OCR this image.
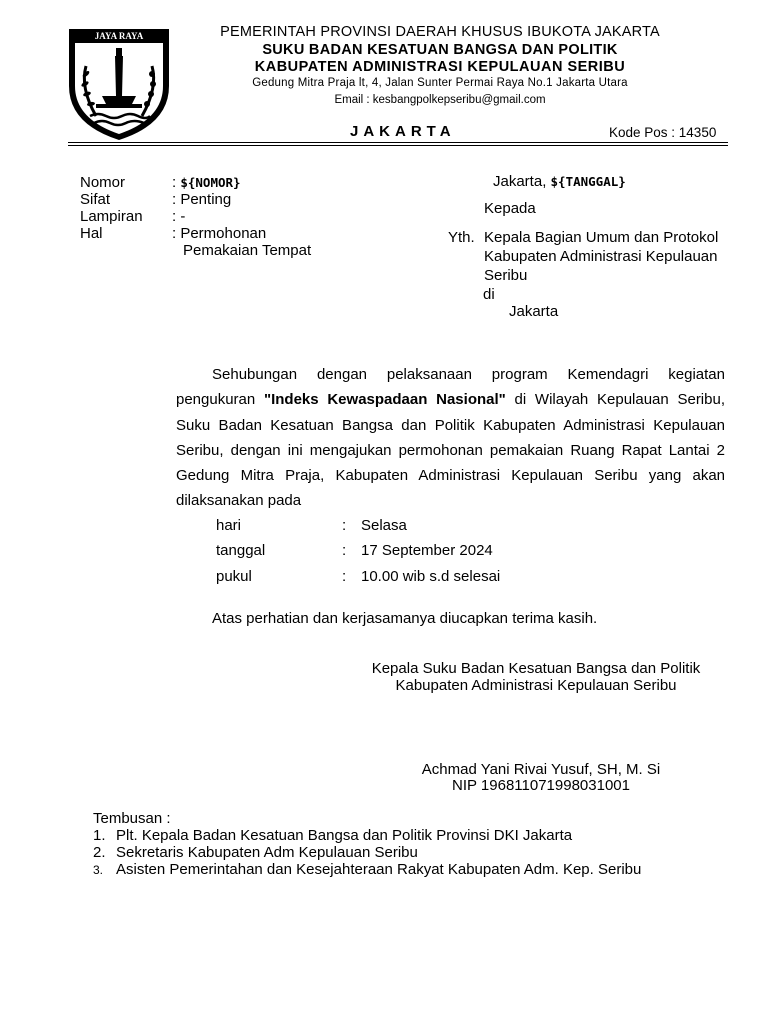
JAYA RAYA	PEMERINTAH PROVINSI DAERAH KHUSUS IBUKOTA JAKARTA
SUKU BADAN KESATUAN BANGSA DAN POLITIK
KABUPATEN ADMINISTRASI KEPULAUAN SERIBU
Gedung Mitra Praja lt, 4, Jalan Sunter Permai Raya No.1 Jakarta Utara
Email : kesbangpolkepseribu@gmail.com
JAKARTA	Kode Pos : 14350
Nomor	: ${NOMOR}
Sifat	: Penting
Lampiran : -
Hal	: Permohonan
Pemakaian Tempat
Jakarta, ${TANGGAL}
Kepada
Yth. Kepala Bagian Umum dan Protokol
Kabupaten Administrasi Kepulauan
Seribu
di
Jakarta

Sehubungan dengan pelaksanaan program Kemendagri kegiatan pengukuran "Indeks Kewaspadaan Nasional" di Wilayah Kepulauan Seribu, Suku Badan Kesatuan Bangsa dan Politik Kabupaten Administrasi Kepulauan Seribu, dengan ini mengajukan permohonan pemakaian Ruang Rapat Lantai 2 Gedung Mitra Praja, Kabupaten Administrasi Kepulauan Seribu yang akan dilaksanakan pada

hari	: Selasa
tanggal	: 17 September 2024
pukul	: 10.00 wib s.d selesai
Atas perhatian dan kerjasamanya diucapkan terima kasih.
Kepala Suku Badan Kesatuan Bangsa dan Politik
Kabupaten Administrasi Kepulauan Seribu
Achmad Yani Rivai Yusuf, SH, M. Si
NIP 196811071998031001
Tembusan :
1. Plt. Kepala Badan Kesatuan Bangsa dan Politik Provinsi DKI Jakarta
2. Sekretaris Kabupaten Adm Kepulauan Seribu
3. Asisten Pemerintahan dan Kesejahteraan Rakyat Kabupaten Adm. Kep. Seribu
